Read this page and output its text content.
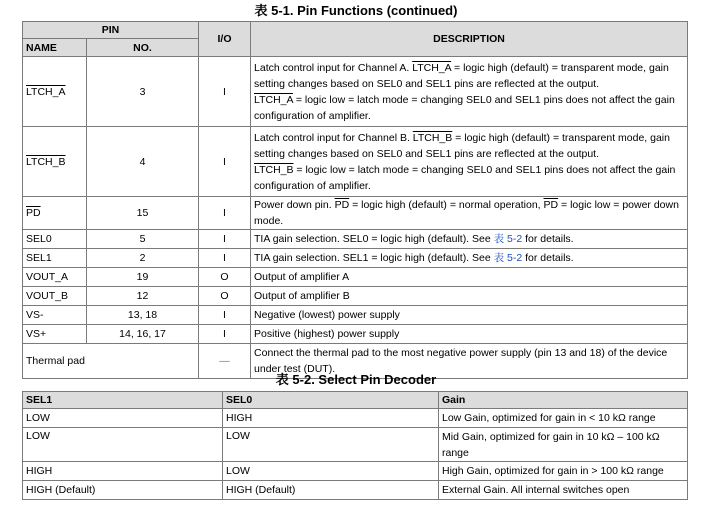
表 5-1. Pin Functions (continued)
PIN		I/O	DESCRIPTION
NAME	NO.		
LTCH_A	3	I	Latch control input for Channel A. LTCH_A = logic high (default) = transparent mode, gain setting changes based on SEL0 and SEL1 pins are reflected at the output.
LTCH_A = logic low = latch mode = changing SEL0 and SEL1 pins does not affect the gain configuration of amplifier.
LTCH_B	4	I	Latch control input for Channel B. LTCH_B = logic high (default) = transparent mode, gain setting changes based on SEL0 and SEL1 pins are reflected at the output.
LTCH_B = logic low = latch mode = changing SEL0 and SEL1 pins does not affect the gain configuration of amplifier.
$\overline{PD}$	15	I	Power down pin. $\overline{PD}$ = logic high (default) = normal operation, $\overline{PD}$ = logic low = power down mode.
SEL0	5	I	TIA gain selection. SEL0 = logic high (default). See 表 5-2 for details.
SEL1	2	I	TIA gain selection. SEL1 = logic high (default). See 表 5-2 for details.
VOUT_A	19	O	Output of amplifier A
VOUT_B	12	O	Output of amplifier B
VS-	13, 18	I	Negative (lowest) power supply
VS+	14, 16, 17	I	Positive (highest) power supply
Thermal pad		—	Connect the thermal pad to the most negative power supply (pin 13 and 18) of the device under test (DUT).
表 5-2. Select Pin Decoder
SEL1	SEL0	Gain
LOW	HIGH	Low Gain, optimized for gain in < 10 kΩ range
LOW	LOW	Mid Gain, optimized for gain in 10 kΩ – 100 kΩ range
HIGH	LOW	High Gain, optimized for gain in > 100 kΩ range
HIGH (Default)	HIGH (Default)	External Gain. All internal switches open
